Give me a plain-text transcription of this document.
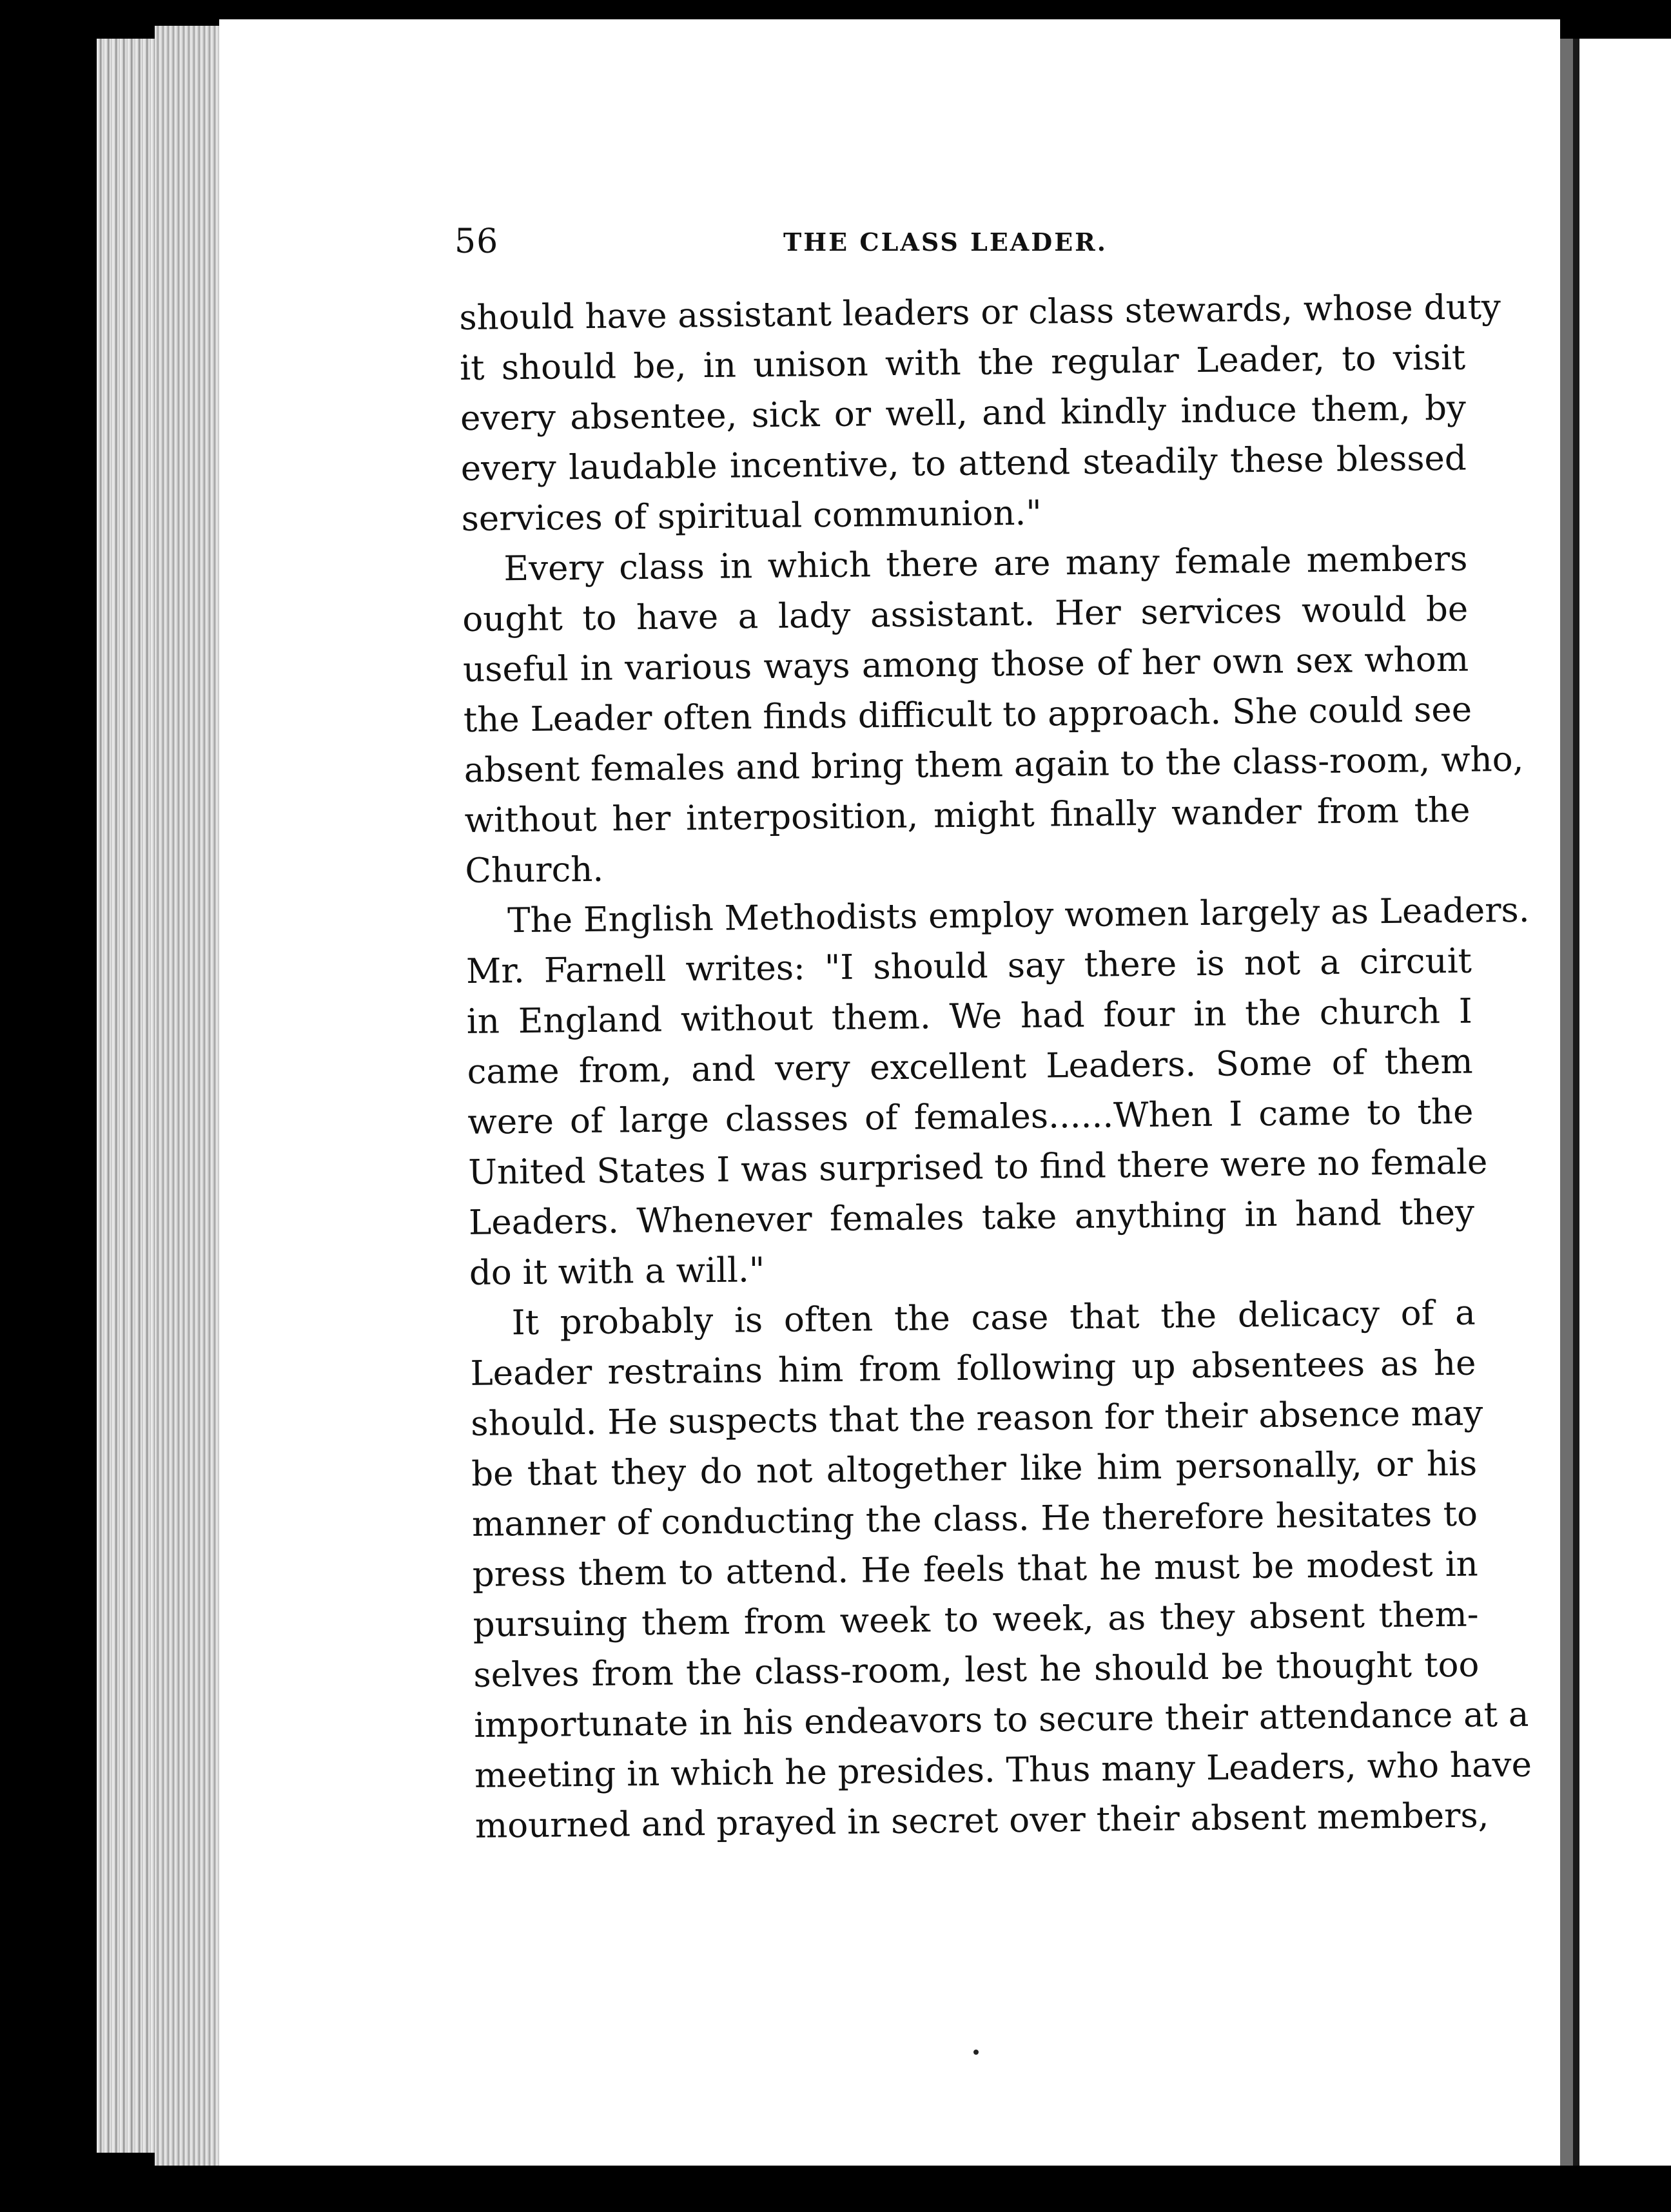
56	THE CLASS LEADER.
should have assistant leaders or class stewards, whose duty
it should be, in unison with the regular Leader, to visit
every absentee, sick or well, and kindly induce them, by
every laudable incentive, to attend steadily these blessed
services of spiritual communion."
Every class in which there are many female members
ought to have a lady assistant. Her services would be
useful in various ways among those of her own sex whom
the Leader often finds difficult to approach. She could see
absent females and bring them again to the class-room, who,
without her interposition, might finally wander from the
Church.
The English Methodists employ women largely as Leaders.
Mr. Farnell writes: "I should say there is not a circuit
in England without them. We had four in the church I
came from, and very excellent Leaders. Some of them
were of large classes of females......When I came to the
United States I was surprised to find there were no female
Leaders. Whenever females take anything in hand they
do it with a will."
It probably is often the case that the delicacy of a
Leader restrains him from following up absentees as he
should. He suspects that the reason for their absence may
be that they do not altogether like him personally, or his
manner of conducting the class. He therefore hesitates to
press them to attend. He feels that he must be modest in
pursuing them from week to week, as they absent them-
selves from the class-room, lest he should be thought too
importunate in his endeavors to secure their attendance at a
meeting in which he presides. Thus many Leaders, who have
mourned and prayed in secret over their absent members,
